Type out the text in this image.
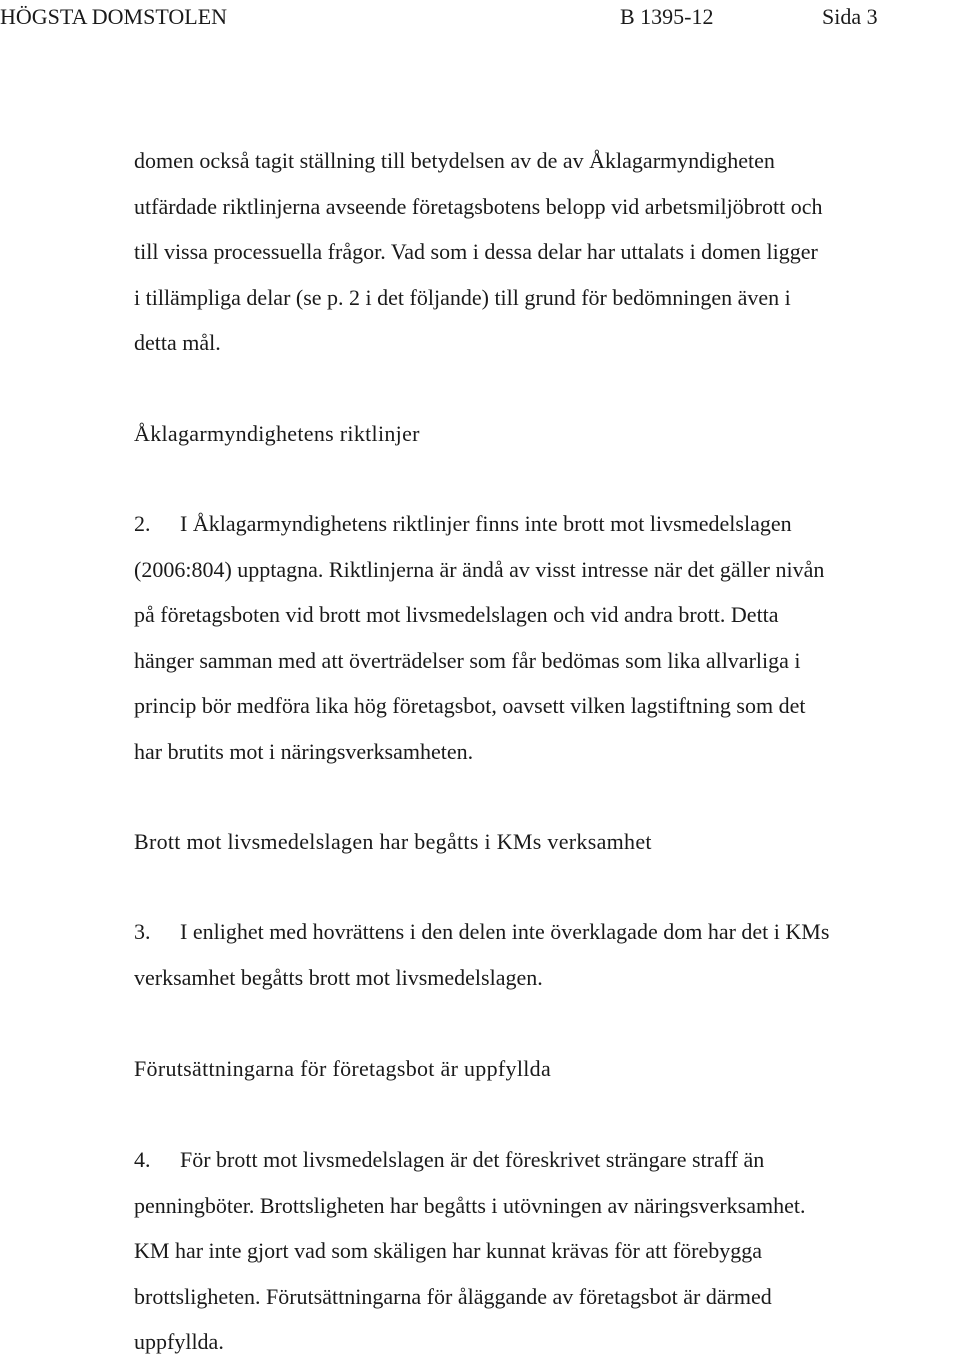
HÖGSTA DOMSTOLEN	B 1395-12	Sida 3
domen också tagit ställning till betydelsen av de av Åklagarmyndigheten
utfärdade riktlinjerna avseende företagsbotens belopp vid arbetsmiljöbrott och
till vissa processuella frågor. Vad som i dessa delar har uttalats i domen ligger
i tillämpliga delar (se p. 2 i det följande) till grund för bedömningen även i
detta mål.
Åklagarmyndighetens riktlinjer
2. I Åklagarmyndighetens riktlinjer finns inte brott mot livsmedelslagen
(2006:804) upptagna. Riktlinjerna är ändå av visst intresse när det gäller nivån
på företagsboten vid brott mot livsmedelslagen och vid andra brott. Detta
hänger samman med att överträdelser som får bedömas som lika allvarliga i
princip bör medföra lika hög företagsbot, oavsett vilken lagstiftning som det
har brutits mot i näringsverksamheten.
Brott mot livsmedelslagen har begåtts i KMs verksamhet
3. I enlighet med hovrättens i den delen inte överklagade dom har det i KMs
verksamhet begåtts brott mot livsmedelslagen.
Förutsättningarna för företagsbot är uppfyllda
4. För brott mot livsmedelslagen är det föreskrivet strängare straff än
penningböter. Brottsligheten har begåtts i utövningen av näringsverksamhet.
KM har inte gjort vad som skäligen har kunnat krävas för att förebygga
brottsligheten. Förutsättningarna för åläggande av företagsbot är därmed
uppfyllda.
